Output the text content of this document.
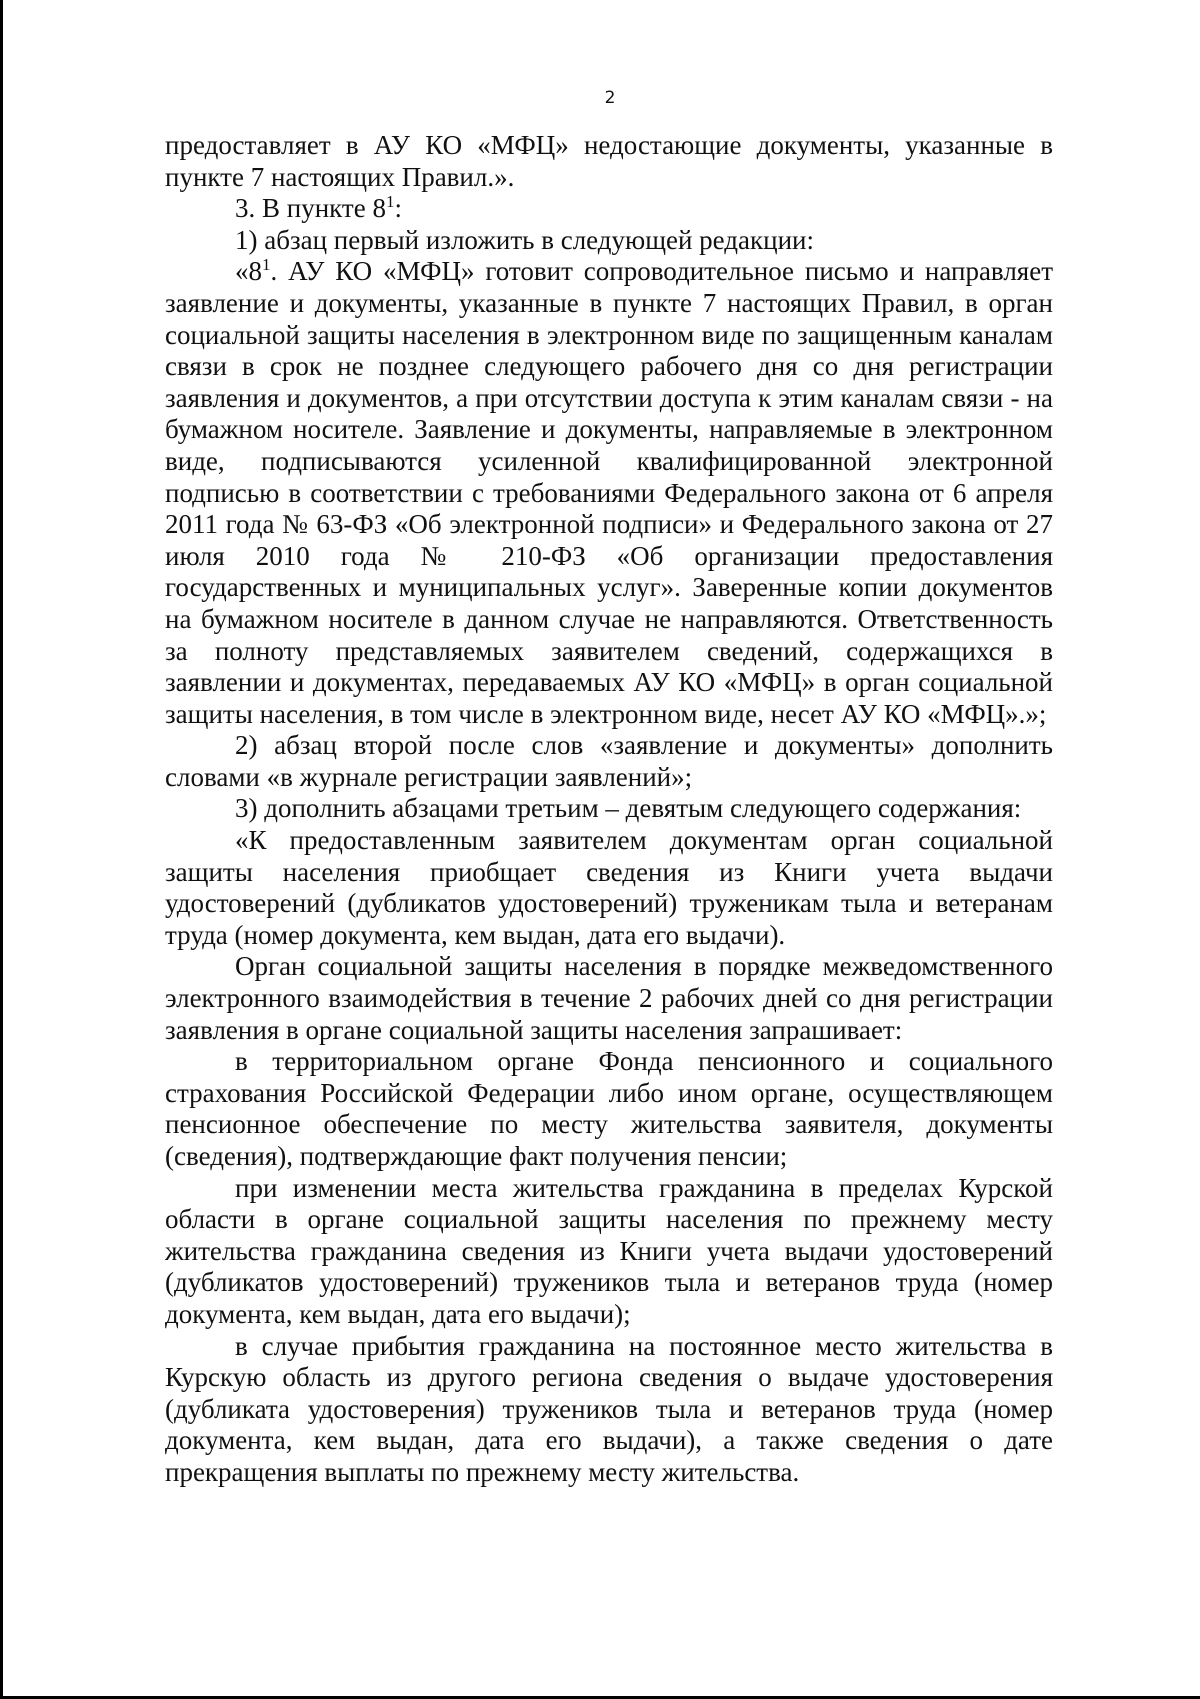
2

предоставляет в АУ КО «МФЦ» недостающие документы, указанные в пункте 7 настоящих Правил.».

3. В пункте $8^1$:

1) абзац первый изложить в следующей редакции:

«$8^1$. АУ КО «МФЦ» готовит сопроводительное письмо и направляет заявление и документы, указанные в пункте 7 настоящих Правил, в орган социальной защиты населения в электронном виде по защищенным каналам связи в срок не позднее следующего рабочего дня со дня регистрации заявления и документов, а при отсутствии доступа к этим каналам связи - на бумажном носителе. Заявление и документы, направляемые в электронном виде, подписываются усиленной квалифицированной электронной подписью в соответствии с требованиями Федерального закона от 6 апреля 2011 года № 63-ФЗ «Об электронной подписи» и Федерального закона от 27 июля 2010 года № 210-ФЗ «Об организации предоставления государственных и муниципальных услуг». Заверенные копии документов на бумажном носителе в данном случае не направляются. Ответственность за полноту представляемых заявителем сведений, содержащихся в заявлении и документах, передаваемых АУ КО «МФЦ» в орган социальной защиты населения, в том числе в электронном виде, несет АУ КО «МФЦ».»;

2) абзац второй после слов «заявление и документы» дополнить словами «в журнале регистрации заявлений»;

3) дополнить абзацами третьим – девятым следующего содержания:

«К предоставленным заявителем документам орган социальной защиты населения приобщает сведения из Книги учета выдачи удостоверений (дубликатов удостоверений) труженикам тыла и ветеранам труда (номер документа, кем выдан, дата его выдачи).

Орган социальной защиты населения в порядке межведомственного электронного взаимодействия в течение 2 рабочих дней со дня регистрации заявления в органе социальной защиты населения запрашивает:

в территориальном органе Фонда пенсионного и социального страхования Российской Федерации либо ином органе, осуществляющем пенсионное обеспечение по месту жительства заявителя, документы (сведения), подтверждающие факт получения пенсии;

при изменении места жительства гражданина в пределах Курской области в органе социальной защиты населения по прежнему месту жительства гражданина сведения из Книги учета выдачи удостоверений (дубликатов удостоверений) тружеников тыла и ветеранов труда (номер документа, кем выдан, дата его выдачи);

в случае прибытия гражданина на постоянное место жительства в Курскую область из другого региона сведения о выдаче удостоверения (дубликата удостоверения) тружеников тыла и ветеранов труда (номер документа, кем выдан, дата его выдачи), а также сведения о дате прекращения выплаты по прежнему месту жительства.
